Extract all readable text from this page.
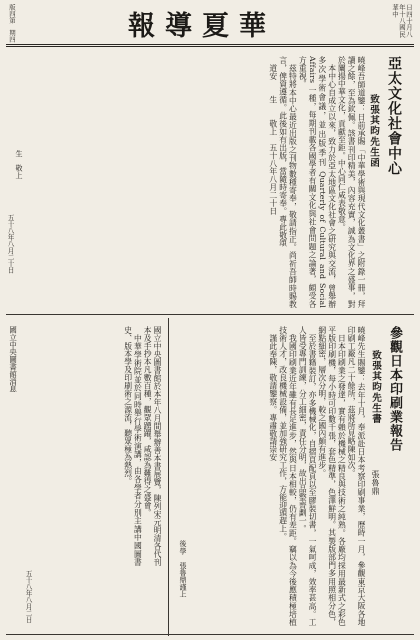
日四十月八年十八國民華中
報導夏華
版四第　期四
亞太文化社會中心
致張其昀先生函

曉峰吾師道鑒：日前承賜「中華學術與現代文化叢書」之附錄一冊，拜讀之餘，至為欽佩。該書刊印精美，內容充實，誠為文化界之盛事，對於闡揚中華文化，貢獻至鉅。中心同仁咸表敬意。

本中心自成立以來，致力於亞太地區文化社會之研究與交流，曾舉辦多次學術會議，並出版季刊 Quarterly of Cultural and Social Affairs 一種，每期刊載各國學者有關文化與社會問題之論著，頗受各方重視。

茲特將本中心最近出版之刊物數種寄奉，敬請指正。尚祈吾師時賜教言，俾資遵循。此後如有出版，當隨時寄奉。專此敬頌

道安　　生　　敬上　五十八年八月二十日

生　敬上
五十八年八月二十日
參觀日本印刷業報告
致張其昀先生書
張魯鼎

曉峰先生賜鑒：去年十月，奉派赴日本考察印刷事業，歷時一月，參觀東京大阪各地印刷工廠凡二十餘所，茲將所見略陳如次。

日本印刷業之發達，實有賴於機械之精良與技術之純熟。各廠均採用最新式之彩色平版印刷機，每小時可印數千張，套色精準，色澤鮮明。其製版部門多用照相分色，網點細密，層次分明，較之國內頗有進步。

至於書籍裝訂，亦多機械化，自摺頁配頁以至膠裝切書，一氣呵成，效率甚高。工人皆受專門訓練，分工細密，責任分明，故出品整齊劃一。

我國印刷業近年雖有長足進步，然與日本相較，仍有差距。竊以為今後應積極培植技術人才，改良機械設備，並加強研究工作，方能迎頭趕上。

謹此奉陳，敬請鑒察。專肅敬請崇安

國立中央圖書館於本年八月間舉辦善本書展覽，陳列宋元明清各代刊本及手抄本凡數百種，觀眾踴躍，咸認為難得之盛會。

中華學術院並於同時舉行學術演講，由各學者分別主講中國圖書史、版本學及印刷術之源流，聽眾極為熱烈。

國立中央圖書館消息
後學　張魯鼎謹上
五十八年八月二日
